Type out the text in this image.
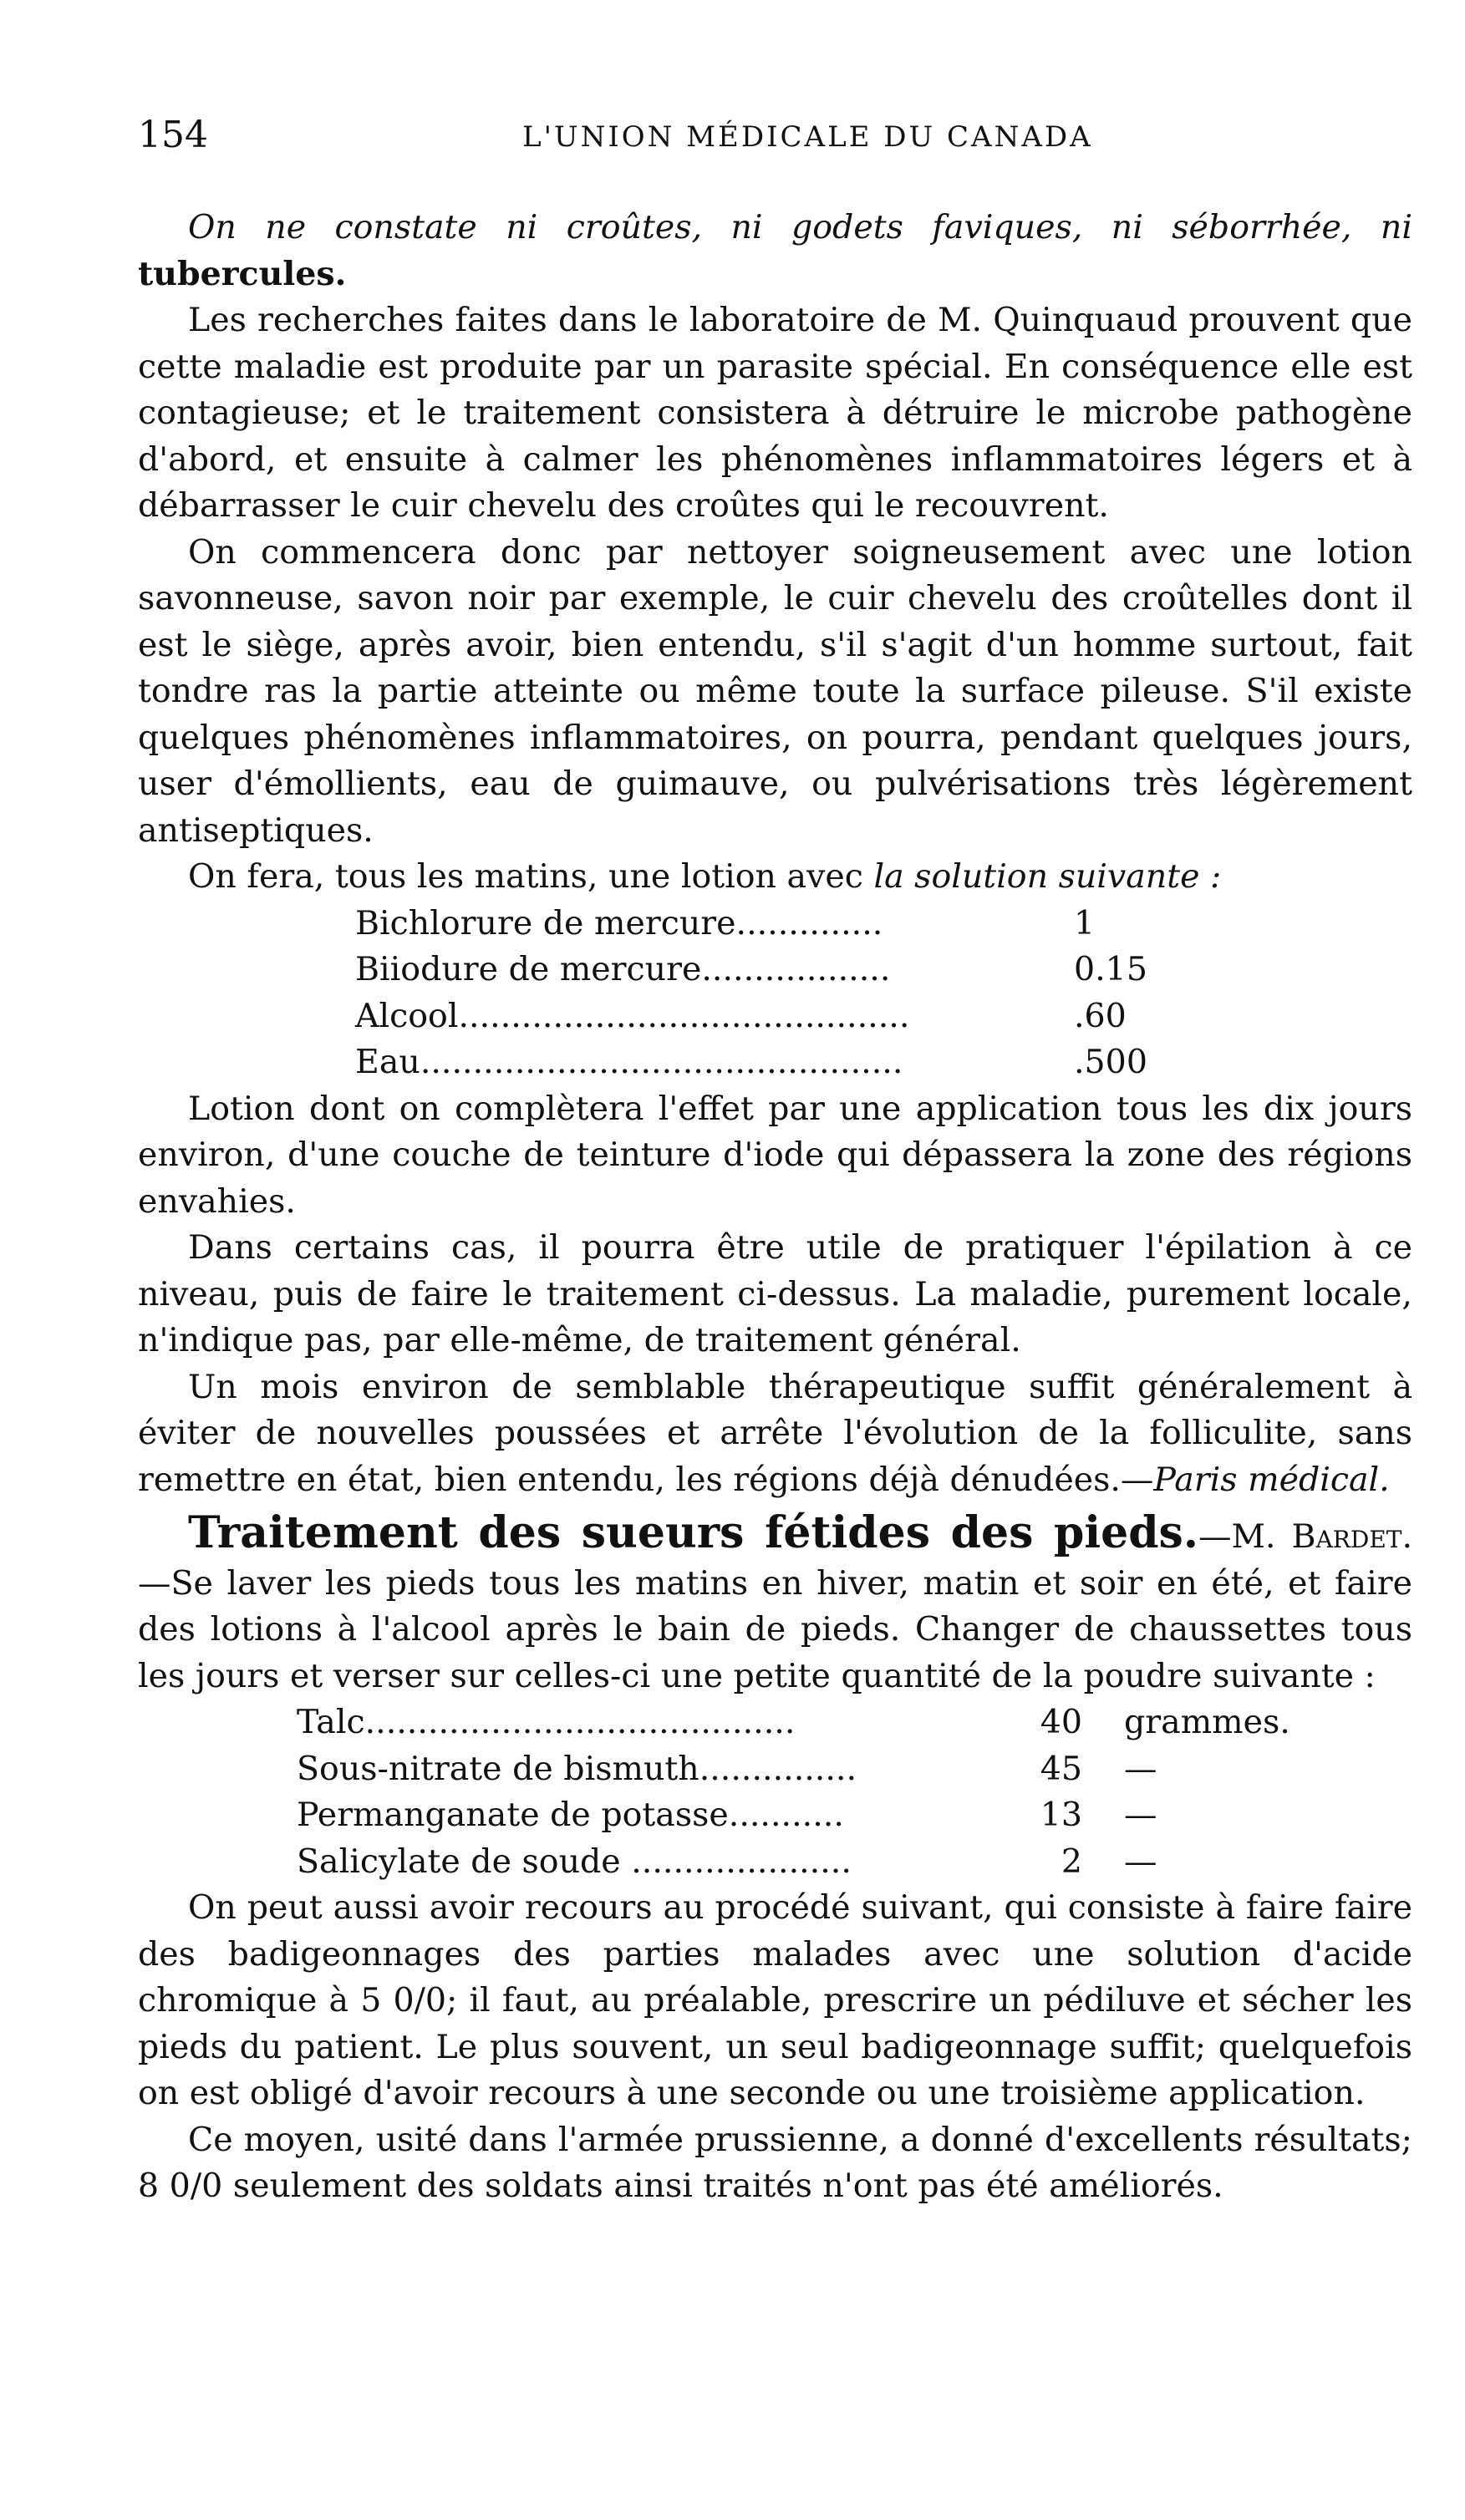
154	L'UNION MÉDICALE DU CANADA

On ne constate ni croûtes, ni godets faviques, ni séborrhée, ni tubercules.

Les recherches faites dans le laboratoire de M. Quinquaud prouvent que cette maladie est produite par un parasite spécial. En conséquence elle est contagieuse; et le traitement consistera à détruire le microbe pathogène d'abord, et ensuite à calmer les phénomènes inflammatoires légers et à débarrasser le cuir chevelu des croûtes qui le recouvrent.

On commencera donc par nettoyer soigneusement avec une lotion savonneuse, savon noir par exemple, le cuir chevelu des croûtelles dont il est le siège, après avoir, bien entendu, s'il s'agit d'un homme surtout, fait tondre ras la partie atteinte ou même toute la surface pileuse. S'il existe quelques phénomènes inflammatoires, on pourra, pendant quelques jours, user d'émollients, eau de guimauve, ou pulvérisations très légèrement antiseptiques.

On fera, tous les matins, une lotion avec la solution suivante :

Bichlorure de mercure..............	1
Biiodure de mercure..................	0.15
Alcool...........................................	.60
Eau..............................................	.500

Lotion dont on complètera l'effet par une application tous les dix jours environ, d'une couche de teinture d'iode qui dépassera la zone des régions envahies.

Dans certains cas, il pourra être utile de pratiquer l'épilation à ce niveau, puis de faire le traitement ci-dessus. La maladie, purement locale, n'indique pas, par elle-même, de traitement général.

Un mois environ de semblable thérapeutique suffit généralement à éviter de nouvelles poussées et arrête l'évolution de la folliculite, sans remettre en état, bien entendu, les régions déjà dénudées.—Paris médical.

Traitement des sueurs fétides des pieds.—M. Bardet.—Se laver les pieds tous les matins en hiver, matin et soir en été, et faire des lotions à l'alcool après le bain de pieds. Changer de chaussettes tous les jours et verser sur celles-ci une petite quantité de la poudre suivante :

Talc.........................................	40 grammes.
Sous-nitrate de bismuth...............	45 —
Permanganate de potasse...........	13 —
Salicylate de soude .....................	2 —

On peut aussi avoir recours au procédé suivant, qui consiste à faire faire des badigeonnages des parties malades avec une solution d'acide chromique à 5 0/0; il faut, au préalable, prescrire un pédiluve et sécher les pieds du patient. Le plus souvent, un seul badigeonnage suffit; quelquefois on est obligé d'avoir recours à une seconde ou une troisième application.

Ce moyen, usité dans l'armée prussienne, a donné d'excellents résultats; 8 0/0 seulement des soldats ainsi traités n'ont pas été améliorés.
